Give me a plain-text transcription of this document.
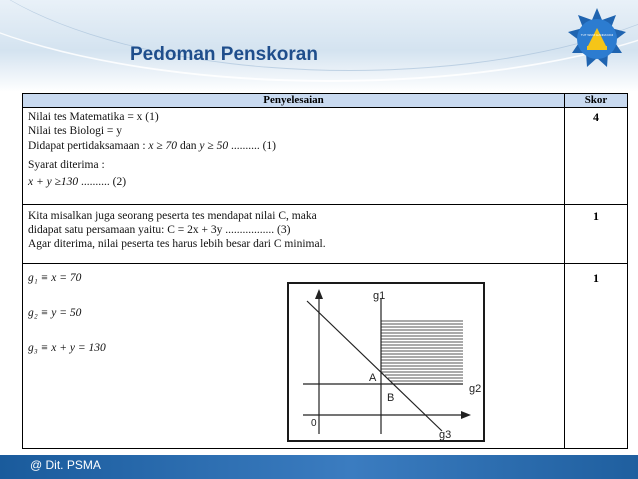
Pedoman Penskoran
TUT WURI HANDAYANI
Penyelesaian	Skor
Nilai tes Matematika = x (1)
Nilai tes Biologi = y
Didapat pertidaksamaan : x ≥ 70 dan y ≥ 50 .......... (1)
Syarat diterima :
x + y ≥130 .......... (2)
4
Kita misalkan juga seorang peserta tes mendapat nilai C, maka
didapat satu persamaan yaitu: C = 2x + 3y ................. (3)
Agar diterima, nilai peserta tes harus lebih besar dari C minimal.
1
g₁ ≡ x = 70
g₂ ≡ y = 50
g₃ ≡ x + y = 130
1
g1
g2
g3
A
B
0
@ Dit. PSMA
